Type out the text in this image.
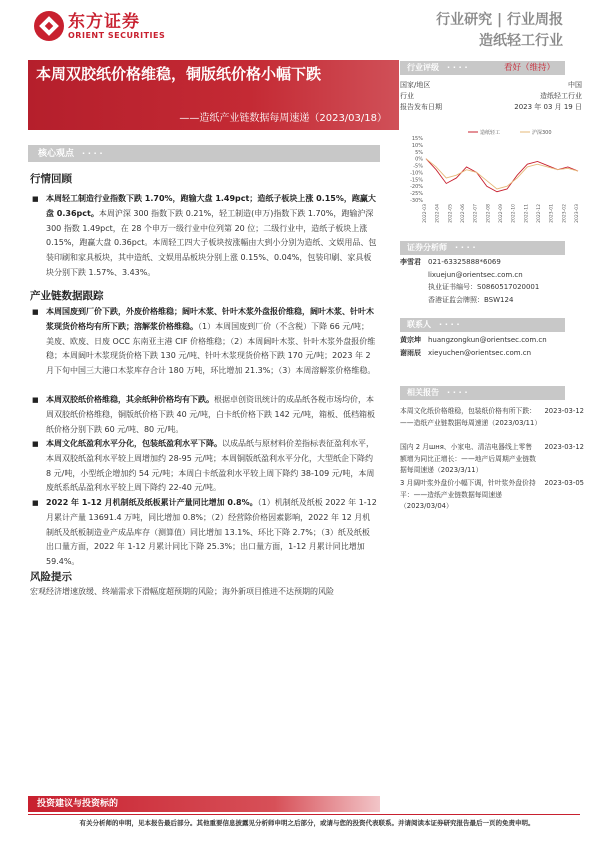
东方证券
ORIENT SECURITIES
行业研究 | 行业周报
造纸轻工行业
本周双胶纸价格维稳，铜版纸价格小幅下跌
——造纸产业链数据每周速递（2023/03/18）
核心观点 · · · ·
行情回顾
■ 本周轻工制造行业指数下跌 1.70%，跑输大盘 1.49pct；造纸子板块上涨 0.15%，跑赢大盘 0.36pct。本周沪深 300 指数下跌 0.21%，轻工制造(申万)指数下跌 1.70%，跑输沪深 300 指数 1.49pct，在 28 个申万一级行业中位列第 20 位；二级行业中，造纸子板块上涨 0.15%，跑赢大盘 0.36pct。本周轻工四大子板块按涨幅由大到小分别为造纸、文娱用品、包装印刷和家具板块，其中造纸、文娱用品板块分别上涨 0.15%、0.04%，包装印刷、家具板块分别下跌 1.57%、3.43%。
产业链数据跟踪
■ 本周国废到厂价下跌，外废价格维稳；阔叶木浆、针叶木浆外盘报价维稳，阔叶木浆、针叶木浆现货价格均有所下跌；溶解浆价格维稳。（1）本周国废到厂价（不含税）下降 66 元/吨；美废、欧废、日废 OCC 东南亚主港 CIF 价格维稳；（2）本周阔叶木浆、针叶木浆外盘报价维稳；本周阔叶木浆现货价格下跌 130 元/吨、针叶木浆现货价格下跌 170 元/吨；2023 年 2 月下旬中国三大港口木浆库存合计 180 万吨，环比增加 21.3%；（3）本周溶解浆价格维稳。
■ 本周双胶纸价格维稳，其余纸种价格均有下跌。根据卓创资讯统计的成品纸各税市场均价，本周双胶纸价格维稳，铜版纸价格下跌 40 元/吨，白卡纸价格下跌 142 元/吨，箱板、低档箱板纸价格分别下跌 60 元/吨、80 元/吨。
■ 本周文化纸盈利水平分化，包装纸盈利水平下降。以成品纸与原材料价差指标表征盈利水平，本周双胶纸盈利水平较上周增加约 28-95 元/吨；本周铜版纸盈利水平分化，大型纸企下降约 8 元/吨，小型纸企增加约 54 元/吨；本周白卡纸盈利水平较上周下降约 38-109 元/吨，本周废纸系纸品盈利水平较上周下降约 22-40 元/吨。
■ 2022 年 1-12 月机制纸及纸板累计产量同比增加 0.8%。（1）机制纸及纸板 2022 年 1-12 月累计产量 13691.4 万吨，同比增加 0.8%；（2）经营除价格因素影响，2022 年 12 月机制纸及纸板制造业产成品库存（测算值）同比增加 13.1%、环比下降 2.7%；（3）纸及纸板出口量方面，2022 年 1-12 月累计同比下降 25.3%；出口量方面，1-12 月累计同比增加 59.4%。
风险提示
宏观经济增速放缓、终端需求下滑幅度超预期的风险；海外新项目推进不达预期的风险
行业评级 · · · ·	看好（维持）
国家/地区	中国
行业	造纸轻工行业
报告发布日期	2023 年 03 月 19 日
15%
10%
5%
0%
-5%
-10%
-15%
-20%
-25%
-30%
2022-03 2022-04 2022-05 2022-06 2022-07 2022-08 2022-09 2022-10 2022-11 2022-12 2023-01 2023-02 2023-03
造纸轻工	沪深300
证券分析师 · · · ·
李雪君 021-63325888*6069
lixuejun@orientsec.com.cn
执业证书编号：S0860517020001
香港证监会牌照：BSW124
联系人 · · · ·
黄宗坤 huangzongkun@orientsec.com.cn
谢雨辰 xieyuchen@orientsec.com.cn
相关报告 · · · ·
本周文化纸价格维稳，包装纸价格有所下跌：——造纸产业链数据每周速递（2023/03/11）
2023-03-12
国内 2 月шня、小家电、清洁电器线上零售额增为同比正增长：——地产后周期产业链数据每周速递（2023/3/11）
2023-03-12
3 月阔叶浆外盘价小幅下调，针叶浆外盘价持平：——造纸产业链数据每周速递（2023/03/04）
2023-03-05
投资建议与投资标的
有关分析师的申明，见本报告最后部分。其他重要信息披露见分析师申明之后部分，或请与您的投资代表联系。并请阅读本证券研究报告最后一页的免责申明。
